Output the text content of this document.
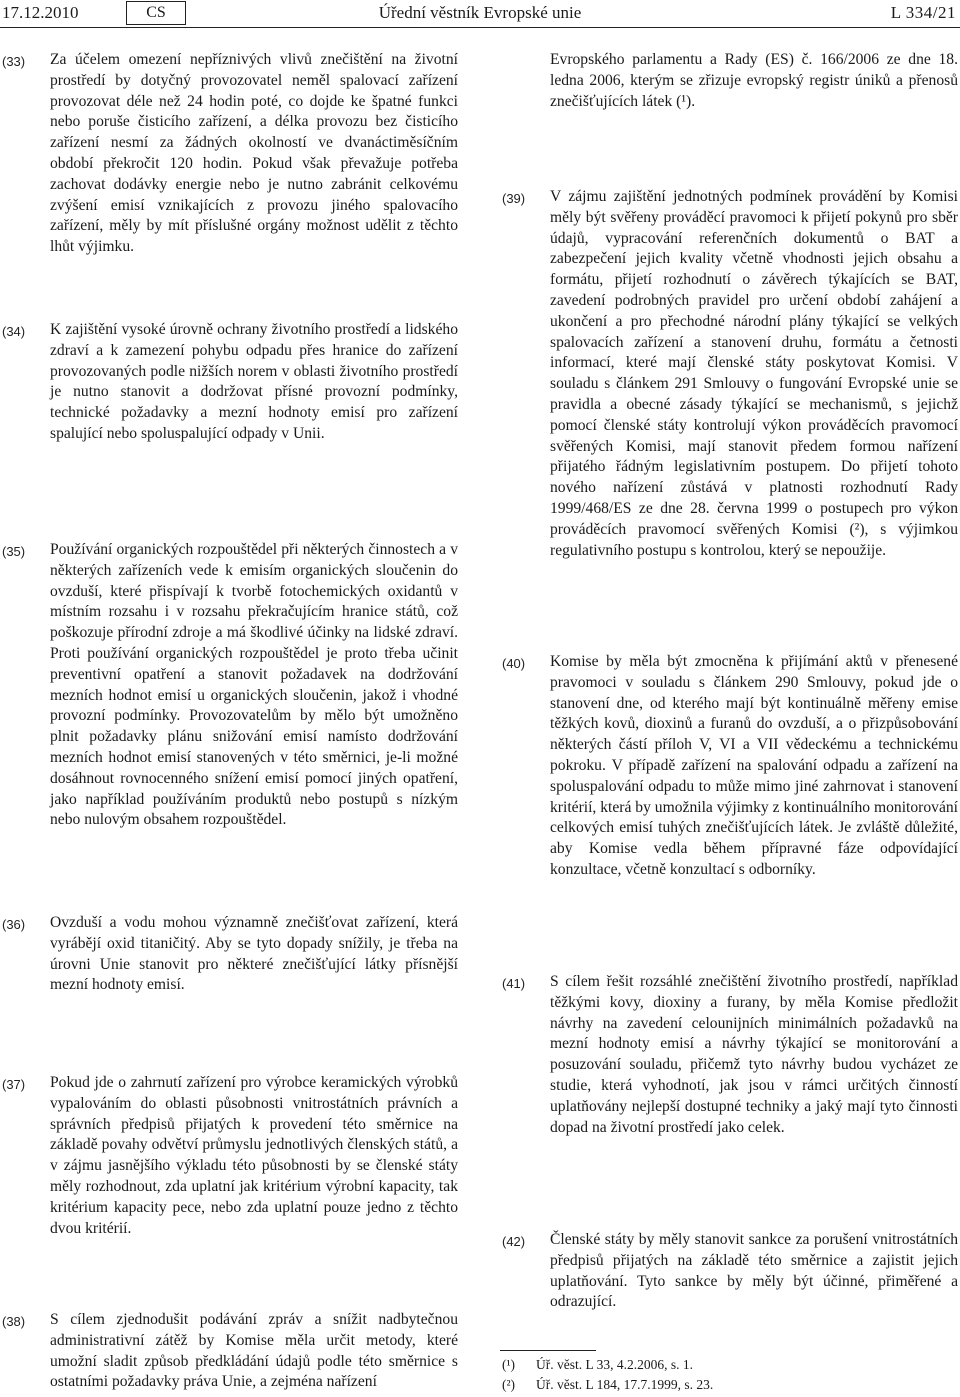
17.12.2010	CS	Úřední věstník Evropské unie	L 334/21
(33) Za účelem omezení nepříznivých vlivů znečištění na životní prostředí by dotyčný provozovatel neměl spalovací zařízení provozovat déle než 24 hodin poté, co dojde ke špatné funkci nebo poruše čisticího zařízení, a délka provozu bez čisticího zařízení nesmí za žádných okolností ve dvanáctiměsíčním období překročit 120 hodin. Pokud však převažuje potřeba zachovat dodávky energie nebo je nutno zabránit celkovému zvýšení emisí vznikajících z provozu jiného spalovacího zařízení, měly by mít příslušné orgány možnost udělit z těchto lhůt výjimku.

(34) K zajištění vysoké úrovně ochrany životního prostředí a lidského zdraví a k zamezení pohybu odpadu přes hranice do zařízení provozovaných podle nižších norem v oblasti životního prostředí je nutno stanovit a dodržovat přísné provozní podmínky, technické požadavky a mezní hodnoty emisí pro zařízení spalující nebo spoluspalující odpady v Unii.

(35) Používání organických rozpouštědel při některých činnostech a v některých zařízeních vede k emisím organických sloučenin do ovzduší, které přispívají k tvorbě fotochemických oxidantů v místním rozsahu i v rozsahu překračujícím hranice států, což poškozuje přírodní zdroje a má škodlivé účinky na lidské zdraví. Proti používání organických rozpouštědel je proto třeba učinit preventivní opatření a stanovit požadavek na dodržování mezních hodnot emisí u organických sloučenin, jakož i vhodné provozní podmínky. Provozovatelům by mělo být umožněno plnit požadavky plánu snižování emisí namísto dodržování mezních hodnot emisí stanovených v této směrnici, je-li možné dosáhnout rovnocenného snížení emisí pomocí jiných opatření, jako například používáním produktů nebo postupů s nízkým nebo nulovým obsahem rozpouštědel.

(36) Ovzduší a vodu mohou významně znečišťovat zařízení, která vyrábějí oxid titaničitý. Aby se tyto dopady snížily, je třeba na úrovni Unie stanovit pro některé znečišťující látky přísnější mezní hodnoty emisí.

(37) Pokud jde o zahrnutí zařízení pro výrobce keramických výrobků vypalováním do oblasti působnosti vnitrostátních právních a správních předpisů přijatých k provedení této směrnice na základě povahy odvětví průmyslu jednotlivých členských států, a v zájmu jasnějšího výkladu této působnosti by se členské státy měly rozhodnout, zda uplatní jak kritérium výrobní kapacity, tak kritérium kapacity pece, nebo zda uplatní pouze jedno z těchto dvou kritérií.

(38) S cílem zjednodušit podávání zpráv a snížit nadbytečnou administrativní zátěž by Komise měla určit metody, které umožní sladit způsob předkládání údajů podle této směrnice s ostatními požadavky práva Unie, a zejména nařízení

Evropského parlamentu a Rady (ES) č. 166/2006 ze dne 18. ledna 2006, kterým se zřizuje evropský registr úniků a přenosů znečišťujících látek (¹).

(39) V zájmu zajištění jednotných podmínek provádění by Komisi měly být svěřeny prováděcí pravomoci k přijetí pokynů pro sběr údajů, vypracování referenčních dokumentů o BAT a zabezpečení jejich kvality včetně vhodnosti jejich obsahu a formátu, přijetí rozhodnutí o závěrech týkajících se BAT, zavedení podrobných pravidel pro určení období zahájení a ukončení a pro přechodné národní plány týkající se velkých spalovacích zařízení a stanovení druhu, formátu a četnosti informací, které mají členské státy poskytovat Komisi. V souladu s článkem 291 Smlouvy o fungování Evropské unie se pravidla a obecné zásady týkající se mechanismů, s jejichž pomocí členské státy kontrolují výkon prováděcích pravomocí svěřených Komisi, mají stanovit předem formou nařízení přijatého řádným legislativním postupem. Do přijetí tohoto nového nařízení zůstává v platnosti rozhodnutí Rady 1999/468/ES ze dne 28. června 1999 o postupech pro výkon prováděcích pravomocí svěřených Komisi (²), s výjimkou regulativního postupu s kontrolou, který se nepoužije.

(40) Komise by měla být zmocněna k přijímání aktů v přenesené pravomoci v souladu s článkem 290 Smlouvy, pokud jde o stanovení dne, od kterého mají být kontinuálně měřeny emise těžkých kovů, dioxinů a furanů do ovzduší, a o přizpůsobování některých částí příloh V, VI a VII vědeckému a technickému pokroku. V případě zařízení na spalování odpadu a zařízení na spoluspalování odpadu to může mimo jiné zahrnovat i stanovení kritérií, která by umožnila výjimky z kontinuálního monitorování celkových emisí tuhých znečišťujících látek. Je zvláště důležité, aby Komise vedla během přípravné fáze odpovídající konzultace, včetně konzultací s odborníky.

(41) S cílem řešit rozsáhlé znečištění životního prostředí, například těžkými kovy, dioxiny a furany, by měla Komise předložit návrhy na zavedení celounijních minimálních požadavků na mezní hodnoty emisí a návrhy týkající se monitorování a posuzování souladu, přičemž tyto návrhy budou vycházet ze studie, která vyhodnotí, jak jsou v rámci určitých činností uplatňovány nejlepší dostupné techniky a jaký mají tyto činnosti dopad na životní prostředí jako celek.

(42) Členské státy by měly stanovit sankce za porušení vnitrostátních předpisů přijatých na základě této směrnice a zajistit jejich uplatňování. Tyto sankce by měly být účinné, přiměřené a odrazující.

(¹) Úř. věst. L 33, 4.2.2006, s. 1.
(²) Úř. věst. L 184, 17.7.1999, s. 23.
